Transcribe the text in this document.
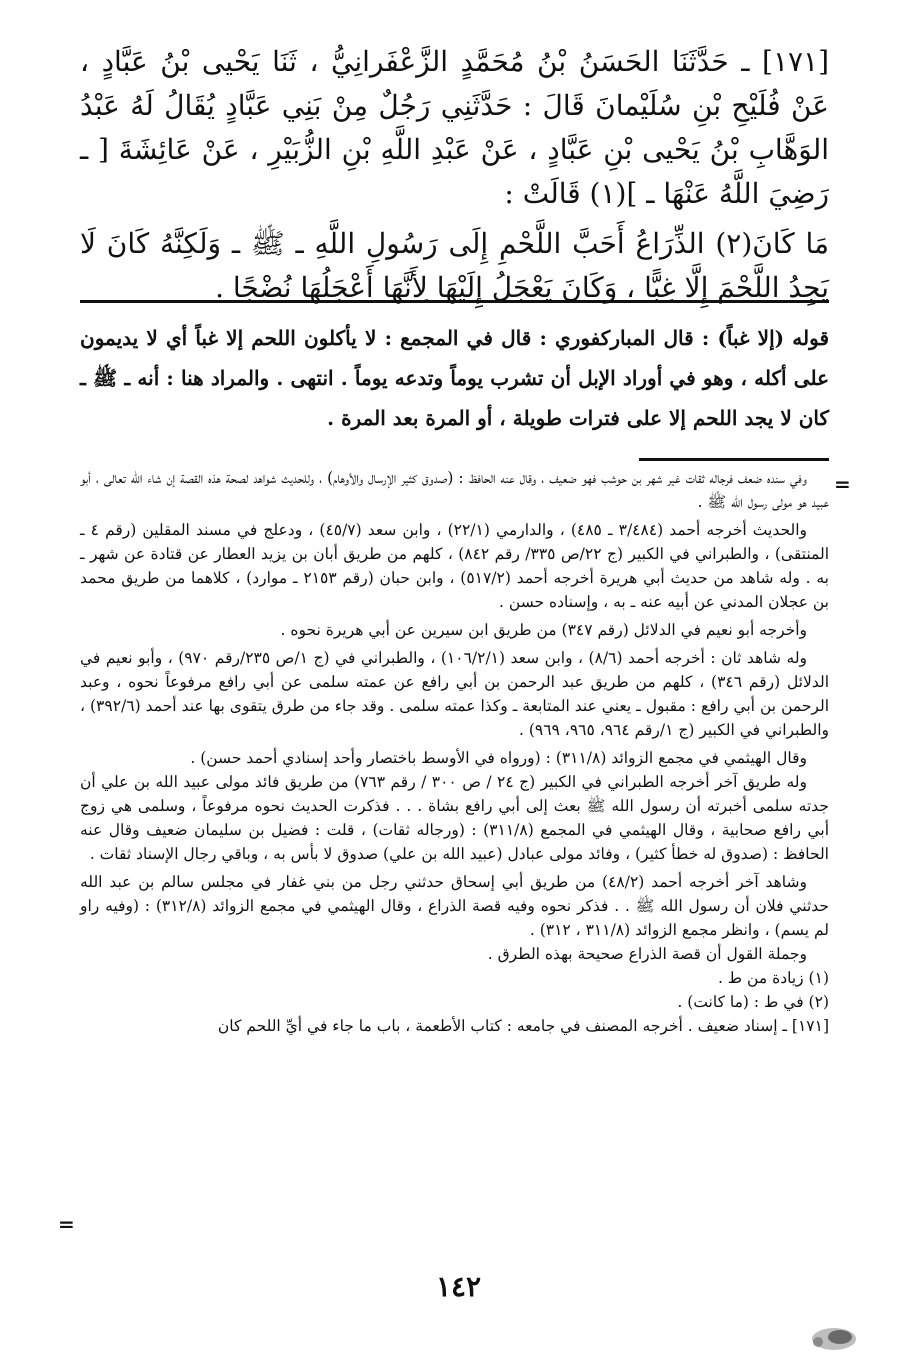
[١٧١] ـ حَدَّثَنَا الحَسَنُ بْنُ مُحَمَّدٍ الزَّعْفَرانِيُّ ، ثَنَا يَحْيى بْنُ عَبَّادٍ ، عَنْ فُلَيْحِ بْنِ سُلَيْمانَ قَالَ : حَدَّثَنِي رَجُلٌ مِنْ بَنِي عَبَّادٍ يُقَالُ لَهُ عَبْدُ الوَهَّابِ بْنُ يَحْيى بْنِ عَبَّادٍ ، عَنْ عَبْدِ اللَّهِ بْنِ الزُّبَيْرِ ، عَنْ عَائِشَةَ [ ـ رَضِيَ اللَّهُ عَنْهَا ـ ](١) قَالَتْ :

مَا كَانَ(٢) الذِّرَاعُ أَحَبَّ اللَّحْمِ إِلَى رَسُولِ اللَّهِ ـ ﷺ ـ وَلَكِنَّهُ كَانَ لَا يَجِدُ اللَّحْمَ إِلَّا غِبًّا ، وَكَانَ يَعْجَلُ إِلَيْهَا لِأَنَّهَا أَعْجَلُهَا نُضْجًا .

قوله (إلا غباً) : قال المباركفوري : قال في المجمع : لا يأكلون اللحم إلا غباً أي لا يديمون على أكله ، وهو في أوراد الإبل أن تشرب يوماً وتدعه يوماً . انتهى . والمراد هنا : أنه ـ ﷺ ـ كان لا يجد اللحم إلا على فترات طويلة ، أو المرة بعد المرة .

=

وفي سنده ضعف فرجاله ثقات غير شهر بن حوشب فهو ضعيف ، وقال عنه الحافظ : (صدوق كثير الإرسال والأوهام) ، وللحديث شواهد لصحة هذه القصة إن شاء الله تعالى ، أبو عبيد هو مولى رسول الله ﷺ .

والحديث أخرجه أحمد (٣/٤٨٤ ـ ٤٨٥) ، والدارمي (٢٢/١) ، وابن سعد (٤٥/٧) ، ودعلج في مسند المقلين (رقم ٤ ـ المنتقى) ، والطبراني في الكبير (ج ٢٢/ص ٣٣٥/ رقم ٨٤٢) ، كلهم من طريق أبان بن يزيد العطار عن قتادة عن شهر ـ به . وله شاهد من حديث أبي هريرة أخرجه أحمد (٥١٧/٢) ، وابن حبان (رقم ٢١٥٣ ـ موارد) ، كلاهما من طريق محمد بن عجلان المدني عن أبيه عنه ـ به ، وإسناده حسن .

وأخرجه أبو نعيم في الدلائل (رقم ٣٤٧) من طريق ابن سيرين عن أبي هريرة نحوه .

وله شاهد ثان : أخرجه أحمد (٨/٦) ، وابن سعد (١٠٦/٢/١) ، والطبراني في (ج ١/ص ٢٣٥/رقم ٩٧٠) ، وأبو نعيم في الدلائل (رقم ٣٤٦) ، كلهم من طريق عبد الرحمن بن أبي رافع عن عمته سلمى عن أبي رافع مرفوعاً نحوه ، وعبد الرحمن بن أبي رافع : مقبول ـ يعني عند المتابعة ـ وكذا عمته سلمى . وقد جاء من طرق يتقوى بها عند أحمد (٣٩٢/٦) ، والطبراني في الكبير (ج ١/رقم ٩٦٤، ٩٦٥، ٩٦٩) .

وقال الهيثمي في مجمع الزوائد (٣١١/٨) : (ورواه في الأوسط باختصار وأحد إسنادي أحمد حسن) .

وله طريق آخر أخرجه الطبراني في الكبير (ج ٢٤ / ص ٣٠٠ / رقم ٧٦٣) من طريق فائد مولى عبيد الله بن علي أن جدته سلمى أخبرته أن رسول الله ﷺ بعث إلى أبي رافع بشاة . . . فذكرت الحديث نحوه مرفوعاً ، وسلمى هي زوج أبي رافع صحابية ، وقال الهيثمي في المجمع (٣١١/٨) : (ورجاله ثقات) ، قلت : فضيل بن سليمان ضعيف وقال عنه الحافظ : (صدوق له خطأ كثير) ، وفائد مولى عبادل (عبيد الله بن علي) صدوق لا بأس به ، وباقي رجال الإسناد ثقات .

وشاهد آخر أخرجه أحمد (٤٨/٢) من طريق أبي إسحاق حدثني رجل من بني غفار في مجلس سالم بن عبد الله حدثني فلان أن رسول الله ﷺ . . فذكر نحوه وفيه قصة الذراع ، وقال الهيثمي في مجمع الزوائد (٣١٢/٨) : (وفيه راو لم يسم) ، وانظر مجمع الزوائد (٣١١/٨ ، ٣١٢) .

وجملة القول أن قصة الذراع صحيحة بهذه الطرق .

(١) زيادة من ط .

(٢) في ط : (ما كانت) .

[١٧١] ـ إسناد ضعيف . أخرجه المصنف في جامعه : كتاب الأطعمة ، باب ما جاء في أيِّ اللحم كان

=
١٤٢
